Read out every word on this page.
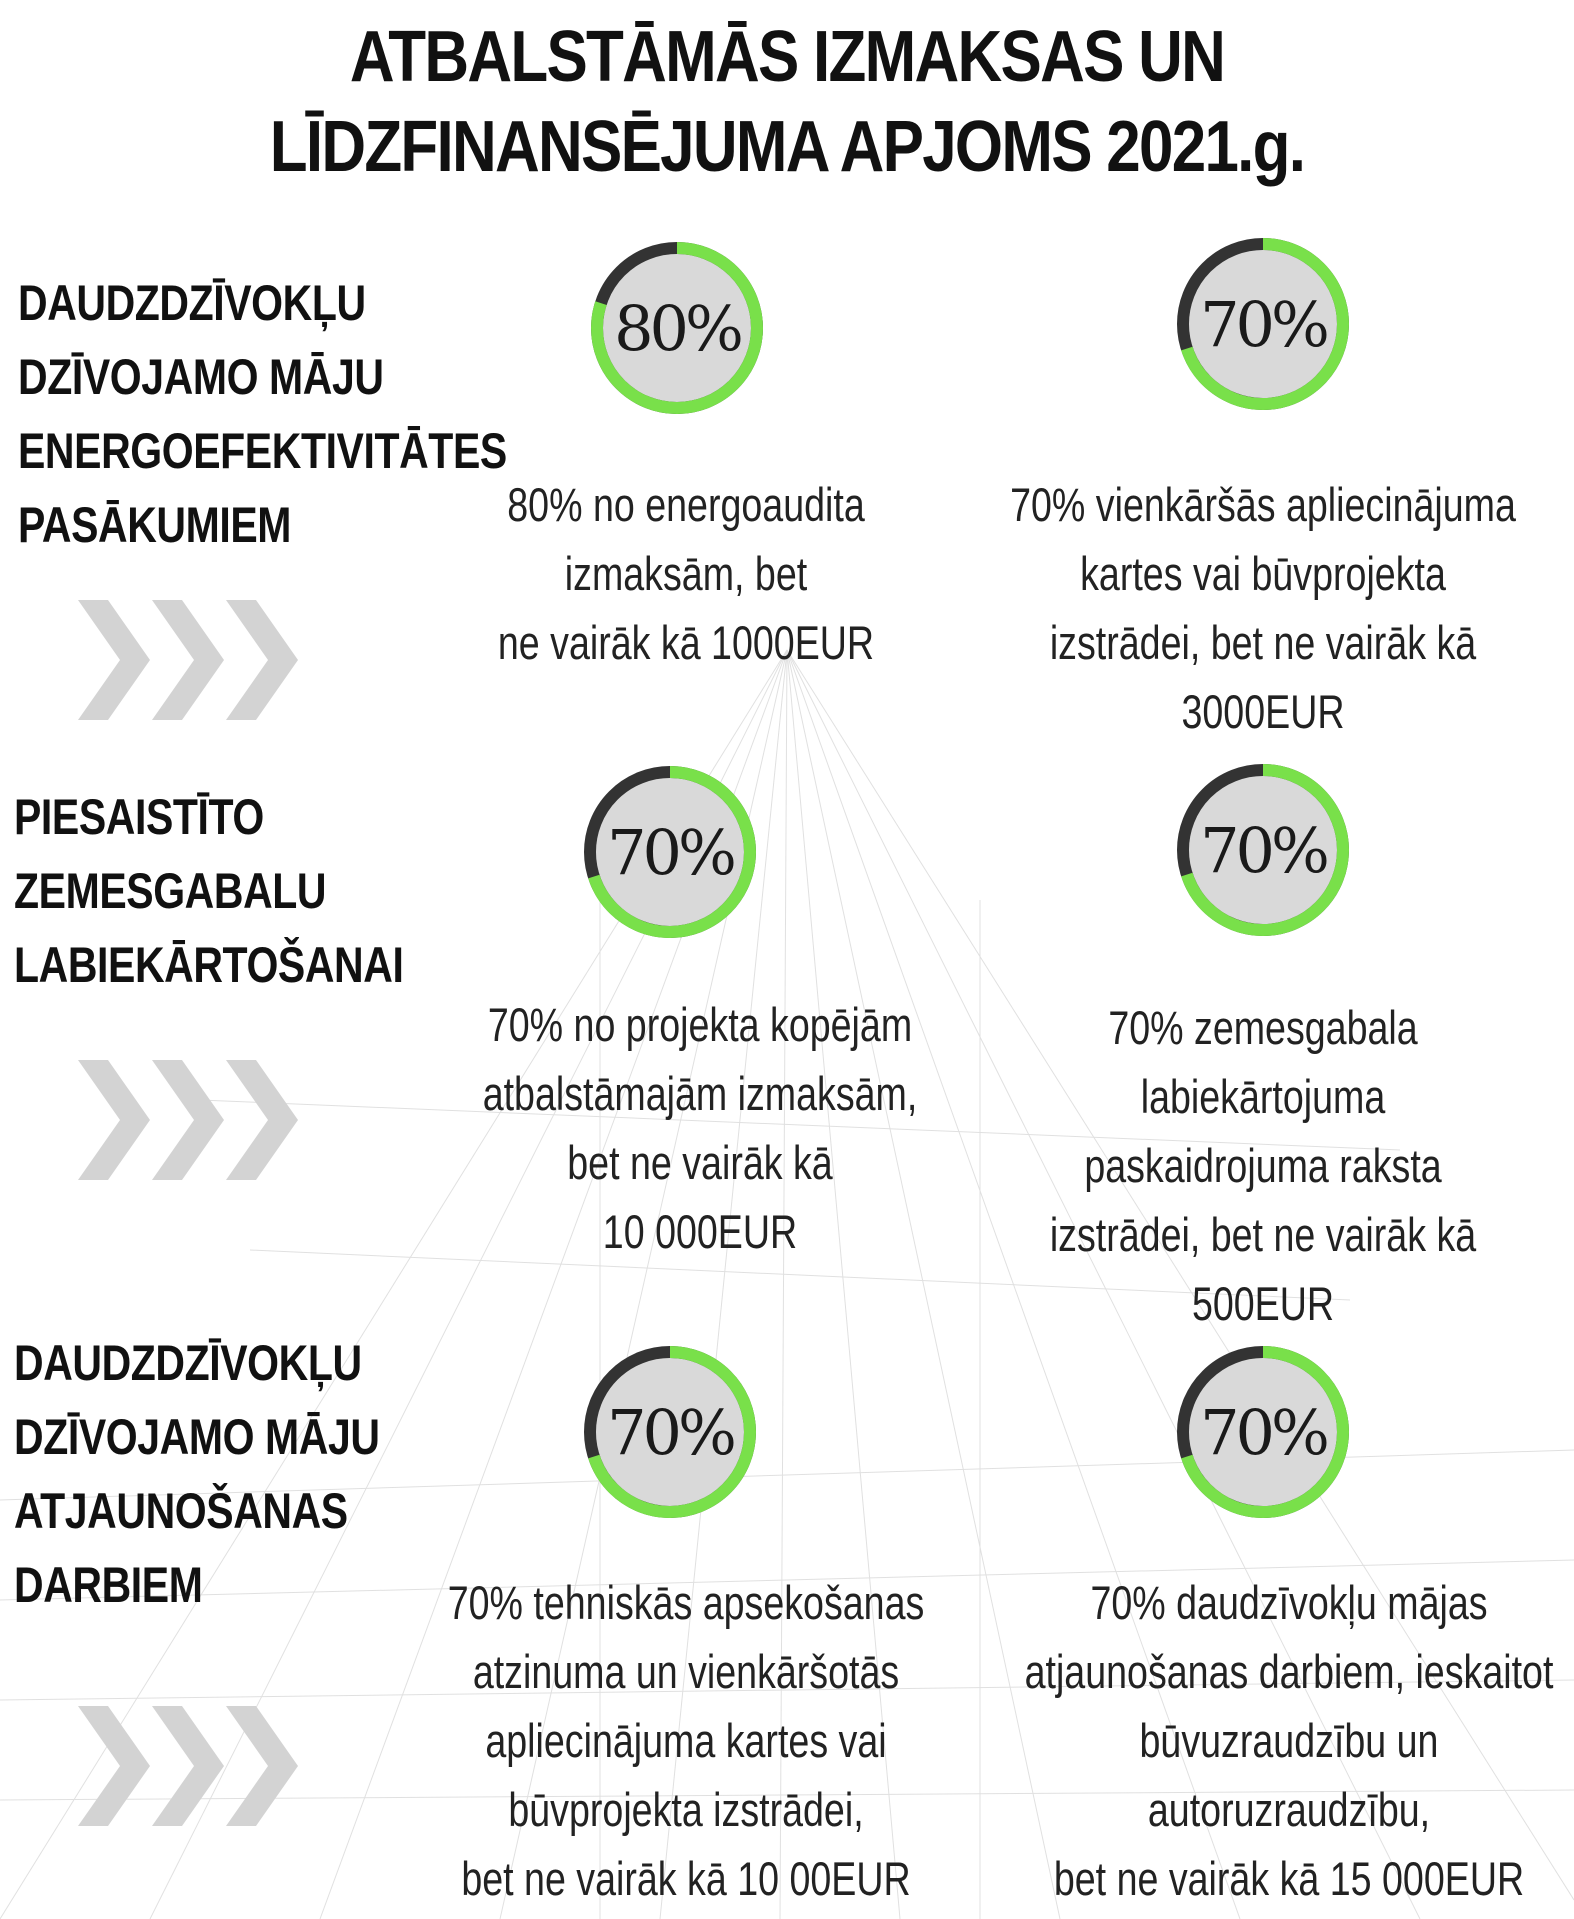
ATBALSTĀMĀS IZMAKSAS UN
LĪDZFINANSĒJUMA APJOMS 2021.g.
DAUDZDZĪVOKĻU
DZĪVOJAMO MĀJU
ENERGOEFEKTIVITĀTES
PASĀKUMIEM
80%
80% no energoaudita
izmaksām, bet
ne vairāk kā 1000EUR
70%
70% vienkāršās apliecinājuma
kartes vai būvprojekta
izstrādei, bet ne vairāk kā
3000EUR
PIESAISTĪTO
ZEMESGABALU
LABIEKĀRTOŠANAI
70%
70% no projekta kopējām
atbalstāmajām izmaksām,
bet ne vairāk kā
10 000EUR
70%
70% zemesgabala
labiekārtojuma
paskaidrojuma raksta
izstrādei, bet ne vairāk kā
500EUR
DAUDZDZĪVOKĻU
DZĪVOJAMO MĀJU
ATJAUNOŠANAS
DARBIEM
70%
70% tehniskās apsekošanas
atzinuma un vienkāršotās
apliecinājuma kartes vai
būvprojekta izstrādei,
bet ne vairāk kā 10 00EUR
70%
70% daudzīvokļu mājas
atjaunošanas darbiem, ieskaitot
būvuzraudzību un
autoruzraudzību,
bet ne vairāk kā 15 000EUR
